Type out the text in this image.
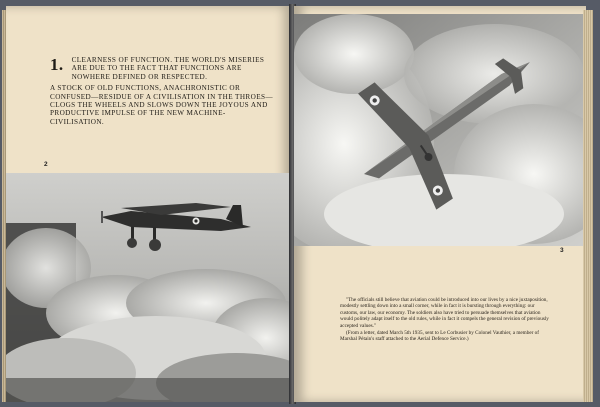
1.	CLEARNESS OF FUNCTION. THE WORLD'S MISERIES ARE DUE TO THE FACT THAT FUNCTIONS ARE NOWHERE DEFINED OR RESPECTED.

A STOCK OF OLD FUNCTIONS, ANACHRONISTIC OR CONFUSED—RESIDUE OF A CIVILISATION IN THE THROES—CLOGS THE WHEELS AND SLOWS DOWN THE JOYOUS AND PRODUCTIVE IMPULSE OF THE NEW MACHINE-CIVILISATION.

2
3

"The officials still believe that aviation could be introduced into our lives by a nice juxtaposition, modestly settling down into a small corner, while in fact it is bursting through everything: our customs, our law, our economy. The soldiers also have tried to persuade themselves that aviation would politely adapt itself to the old rules, while in fact it compels the general revision of previously accepted values."

(From a letter, dated March 5th 1935, sent to Le Corbusier by Colonel Vauthier, a member of Marshal Pétain's staff attached to the Aerial Defence Service.)
